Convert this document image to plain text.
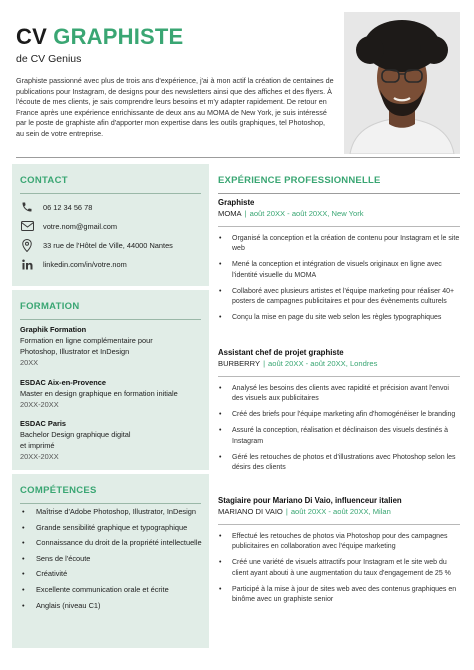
CV GRAPHISTE
de CV Genius
Graphiste passionné avec plus de trois ans d'expérience, j'ai à mon actif la création de centaines de publications pour Instagram, de designs pour des newsletters ainsi que des affiches et des flyers. À l'écoute de mes clients, je sais comprendre leurs besoins et m'y adapter rapidement. De retour en France après une expérience enrichissante de deux ans au MOMA de New York, je suis intéressé par le poste de graphiste afin d'apporter mon expertise dans les outils graphiques, tel Photoshop, au sein de votre entreprise.
CONTACT
06 12 34 56 78
votre.nom@gmail.com
33 rue de l'Hôtel de Ville, 44000 Nantes
linkedin.com/in/votre.nom
FORMATION
Graphik Formation
Formation en ligne complémentaire pour
Photoshop, Illustrator et InDesign
20XX
ESDAC Aix-en-Provence
Master en design graphique en formation initiale
20XX-20XX
ESDAC Paris
Bachelor Design graphique digital
et imprimé
20XX-20XX
COMPÉTENCES
• Maîtrise d'Adobe Photoshop, Illustrator, InDesign
• Grande sensibilité graphique et typographique
• Connaissance du droit de la propriété intellectuelle
• Sens de l'écoute
• Créativité
• Excellente communication orale et écrite
• Anglais (niveau C1)
EXPÉRIENCE PROFESSIONNELLE
Graphiste
MOMA | août 20XX - août 20XX, New York
• Organisé la conception et la création de contenu pour Instagram et le site web
• Mené la conception et intégration de visuels originaux en ligne avec l'identité visuelle du MOMA
• Collaboré avec plusieurs artistes et l'équipe marketing pour réaliser 40+ posters de campagnes publicitaires et pour des évènements culturels
• Conçu la mise en page du site web selon les règles typographiques
Assistant chef de projet graphiste
BURBERRY | août 20XX - août 20XX, Londres
• Analysé les besoins des clients avec rapidité et précision avant l'envoi des visuels aux publicitaires
• Créé des briefs pour l'équipe marketing afin d'homogénéiser le branding
• Assuré la conception, réalisation et déclinaison des visuels destinés à Instagram
• Géré les retouches de photos et d'illustrations avec Photoshop selon les désirs des clients
Stagiaire pour Mariano Di Vaio, influenceur italien
MARIANO DI VAIO | août 20XX - août 20XX, Milan
• Effectué les retouches de photos via Photoshop pour des campagnes publicitaires en collaboration avec l'équipe marketing
• Créé une variété de visuels attractifs pour Instagram et le site web du client ayant abouti à une augmentation du taux d'engagement de 25 %
• Participé à la mise à jour de sites web avec des contenus graphiques en binôme avec un graphiste senior
